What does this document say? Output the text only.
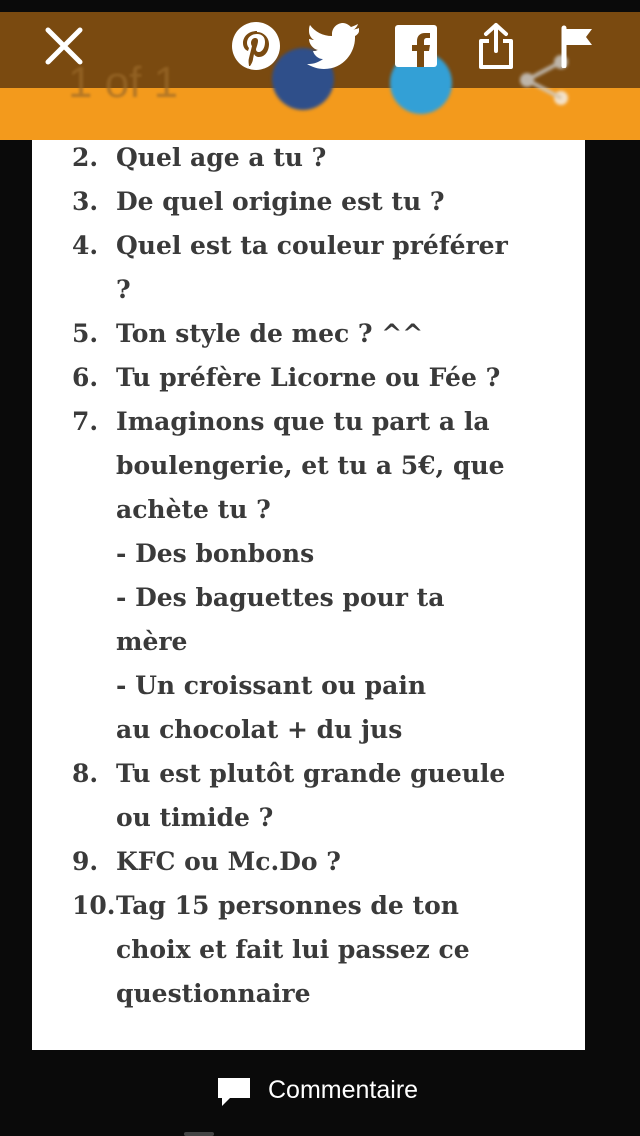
1 of 1
2. Quel age a tu ?
3. De quel origine est tu ?
4. Quel est ta couleur préférer
?
5. Ton style de mec ? ^^
6. Tu préfère Licorne ou Fée ?
7. Imaginons que tu part a la
boulengerie, et tu a 5€, que
achète tu ?
- Des bonbons
- Des baguettes pour ta
mère
- Un croissant ou pain
au chocolat + du jus
8. Tu est plutôt grande gueule
ou timide ?
9. KFC ou Mc.Do ?
10. Tag 15 personnes de ton
choix et fait lui passez ce
questionnaire
Commentaire
